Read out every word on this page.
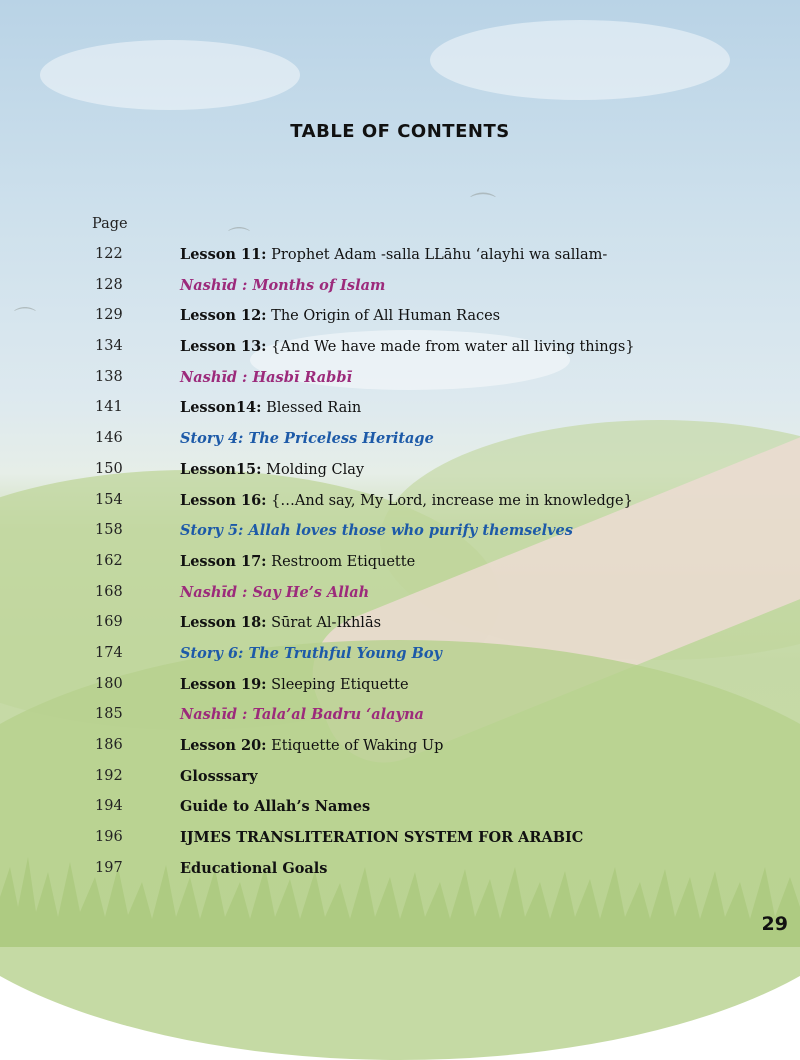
⌒
⌒
⌒
TABLE OF CONTENTS
Page
122	Lesson 11: Prophet Adam -salla LLāhu ‘alayhi wa sallam-
128	Nashīd : Months of Islam
129	Lesson 12: The Origin of All Human Races
134	Lesson 13: {And We have made from water all living things}
138	Nashīd : Hasbī Rabbī
141	Lesson14: Blessed Rain
146	Story 4: The Priceless Heritage
150	Lesson15: Molding Clay
154	Lesson 16: {…And say, My Lord, increase me in knowledge}
158	Story 5: Allah loves those who purify themselves
162	Lesson 17: Restroom Etiquette
168	Nashīd : Say He’s Allah
169	Lesson 18: Sūrat Al-Ikhlās
174	Story 6: The Truthful Young Boy
180	Lesson 19: Sleeping Etiquette
185	Nashīd : Tala’al Badru ‘alayna
186	Lesson 20: Etiquette of Waking Up
192	Glosssary
194	Guide to Allah’s Names
196	IJMES TRANSLITERATION SYSTEM FOR ARABIC
197	Educational Goals
29
